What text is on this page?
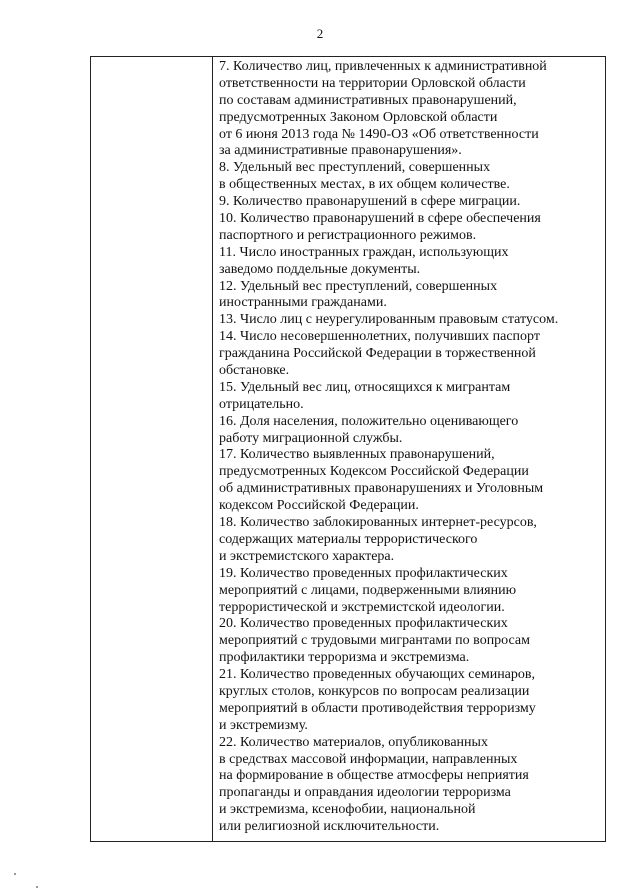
2
7. Количество лиц, привлеченных к административной
ответственности на территории Орловской области
по составам административных правонарушений,
предусмотренных Законом Орловской области
от 6 июня 2013 года № 1490-ОЗ «Об ответственности
за административные правонарушения».
8. Удельный вес преступлений, совершенных
в общественных местах, в их общем количестве.
9. Количество правонарушений в сфере миграции.
10. Количество правонарушений в сфере обеспечения
паспортного и регистрационного режимов.
11. Число иностранных граждан, использующих
заведомо поддельные документы.
12. Удельный вес преступлений, совершенных
иностранными гражданами.
13. Число лиц с неурегулированным правовым статусом.
14. Число несовершеннолетних, получивших паспорт
гражданина Российской Федерации в торжественной
обстановке.
15. Удельный вес лиц, относящихся к мигрантам
отрицательно.
16. Доля населения, положительно оценивающего
работу миграционной службы.
17. Количество выявленных правонарушений,
предусмотренных Кодексом Российской Федерации
об административных правонарушениях и Уголовным
кодексом Российской Федерации.
18. Количество заблокированных интернет-ресурсов,
содержащих материалы террористического
и экстремистского характера.
19. Количество проведенных профилактических
мероприятий с лицами, подверженными влиянию
террористической и экстремистской идеологии.
20. Количество проведенных профилактических
мероприятий с трудовыми мигрантами по вопросам
профилактики терроризма и экстремизма.
21. Количество проведенных обучающих семинаров,
круглых столов, конкурсов по вопросам реализации
мероприятий в области противодействия терроризму
и экстремизму.
22. Количество материалов, опубликованных
в средствах массовой информации, направленных
на формирование в обществе атмосферы неприятия
пропаганды и оправдания идеологии терроризма
и экстремизма, ксенофобии, национальной
или религиозной исключительности.
